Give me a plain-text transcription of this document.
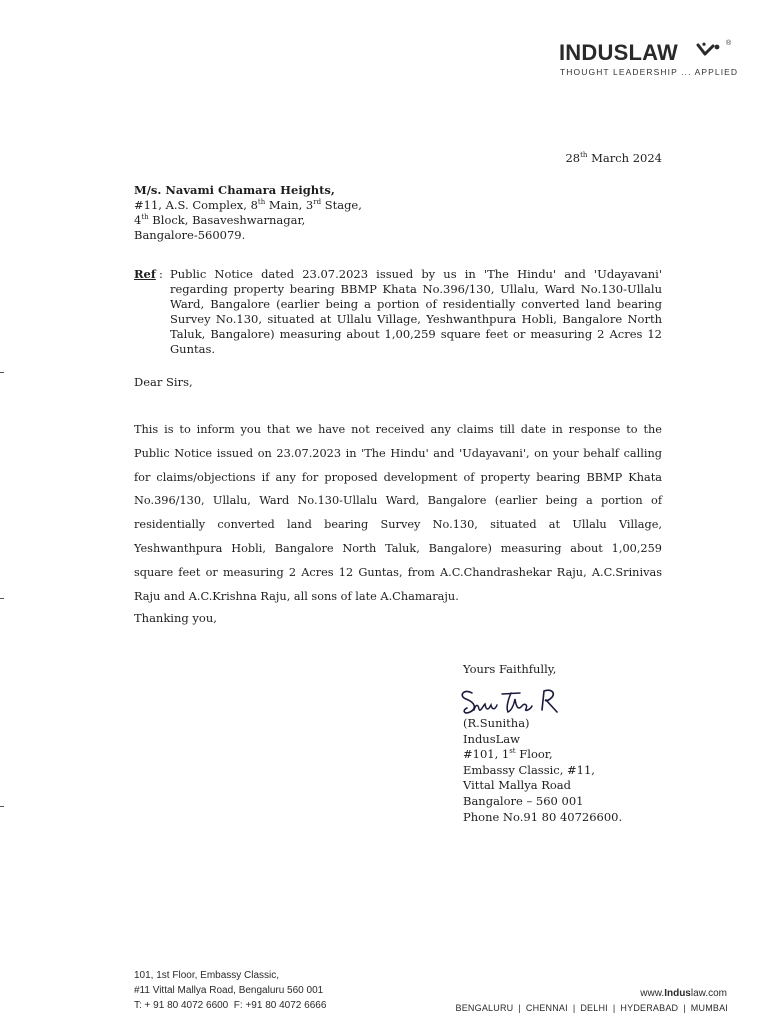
INDUSLAW	®
THOUGHT LEADERSHIP ... APPLIED
28th March 2024
M/s. Navami Chamara Heights,
#11, A.S. Complex, 8th Main, 3rd Stage,
4th Block, Basaveshwarnagar,
Bangalore-560079.
Ref : Public Notice dated 23.07.2023 issued by us in 'The Hindu' and 'Udayavani' regarding property bearing BBMP Khata No.396/130, Ullalu, Ward No.130-Ullalu Ward, Bangalore (earlier being a portion of residentially converted land bearing Survey No.130, situated at Ullalu Village, Yeshwanthpura Hobli, Bangalore North Taluk, Bangalore) measuring about 1,00,259 square feet or measuring 2 Acres 12 Guntas.
Dear Sirs,
This is to inform you that we have not received any claims till date in response to the Public Notice issued on 23.07.2023 in 'The Hindu' and 'Udayavani', on your behalf calling for claims/objections if any for proposed development of property bearing BBMP Khata No.396/130, Ullalu, Ward No.130-Ullalu Ward, Bangalore (earlier being a portion of residentially converted land bearing Survey No.130, situated at Ullalu Village, Yeshwanthpura Hobli, Bangalore North Taluk, Bangalore) measuring about 1,00,259 square feet or measuring 2 Acres 12 Guntas, from A.C.Chandrashekar Raju, A.C.Srinivas Raju and A.C.Krishna Raju, all sons of late A.Chamaraju.
Thanking you,
Yours Faithfully,
(R.Sunitha)
IndusLaw
#101, 1st Floor,
Embassy Classic, #11,
Vittal Mallya Road
Bangalore – 560 001
Phone No.91 80 40726600.
101, 1st Floor, Embassy Classic,
#11 Vittal Mallya Road, Bengaluru 560 001
T: + 91 80 4072 6600  F: +91 80 4072 6666
www.Induslaw.com
BENGALURU | CHENNAI | DELHI | HYDERABAD | MUMBAI
